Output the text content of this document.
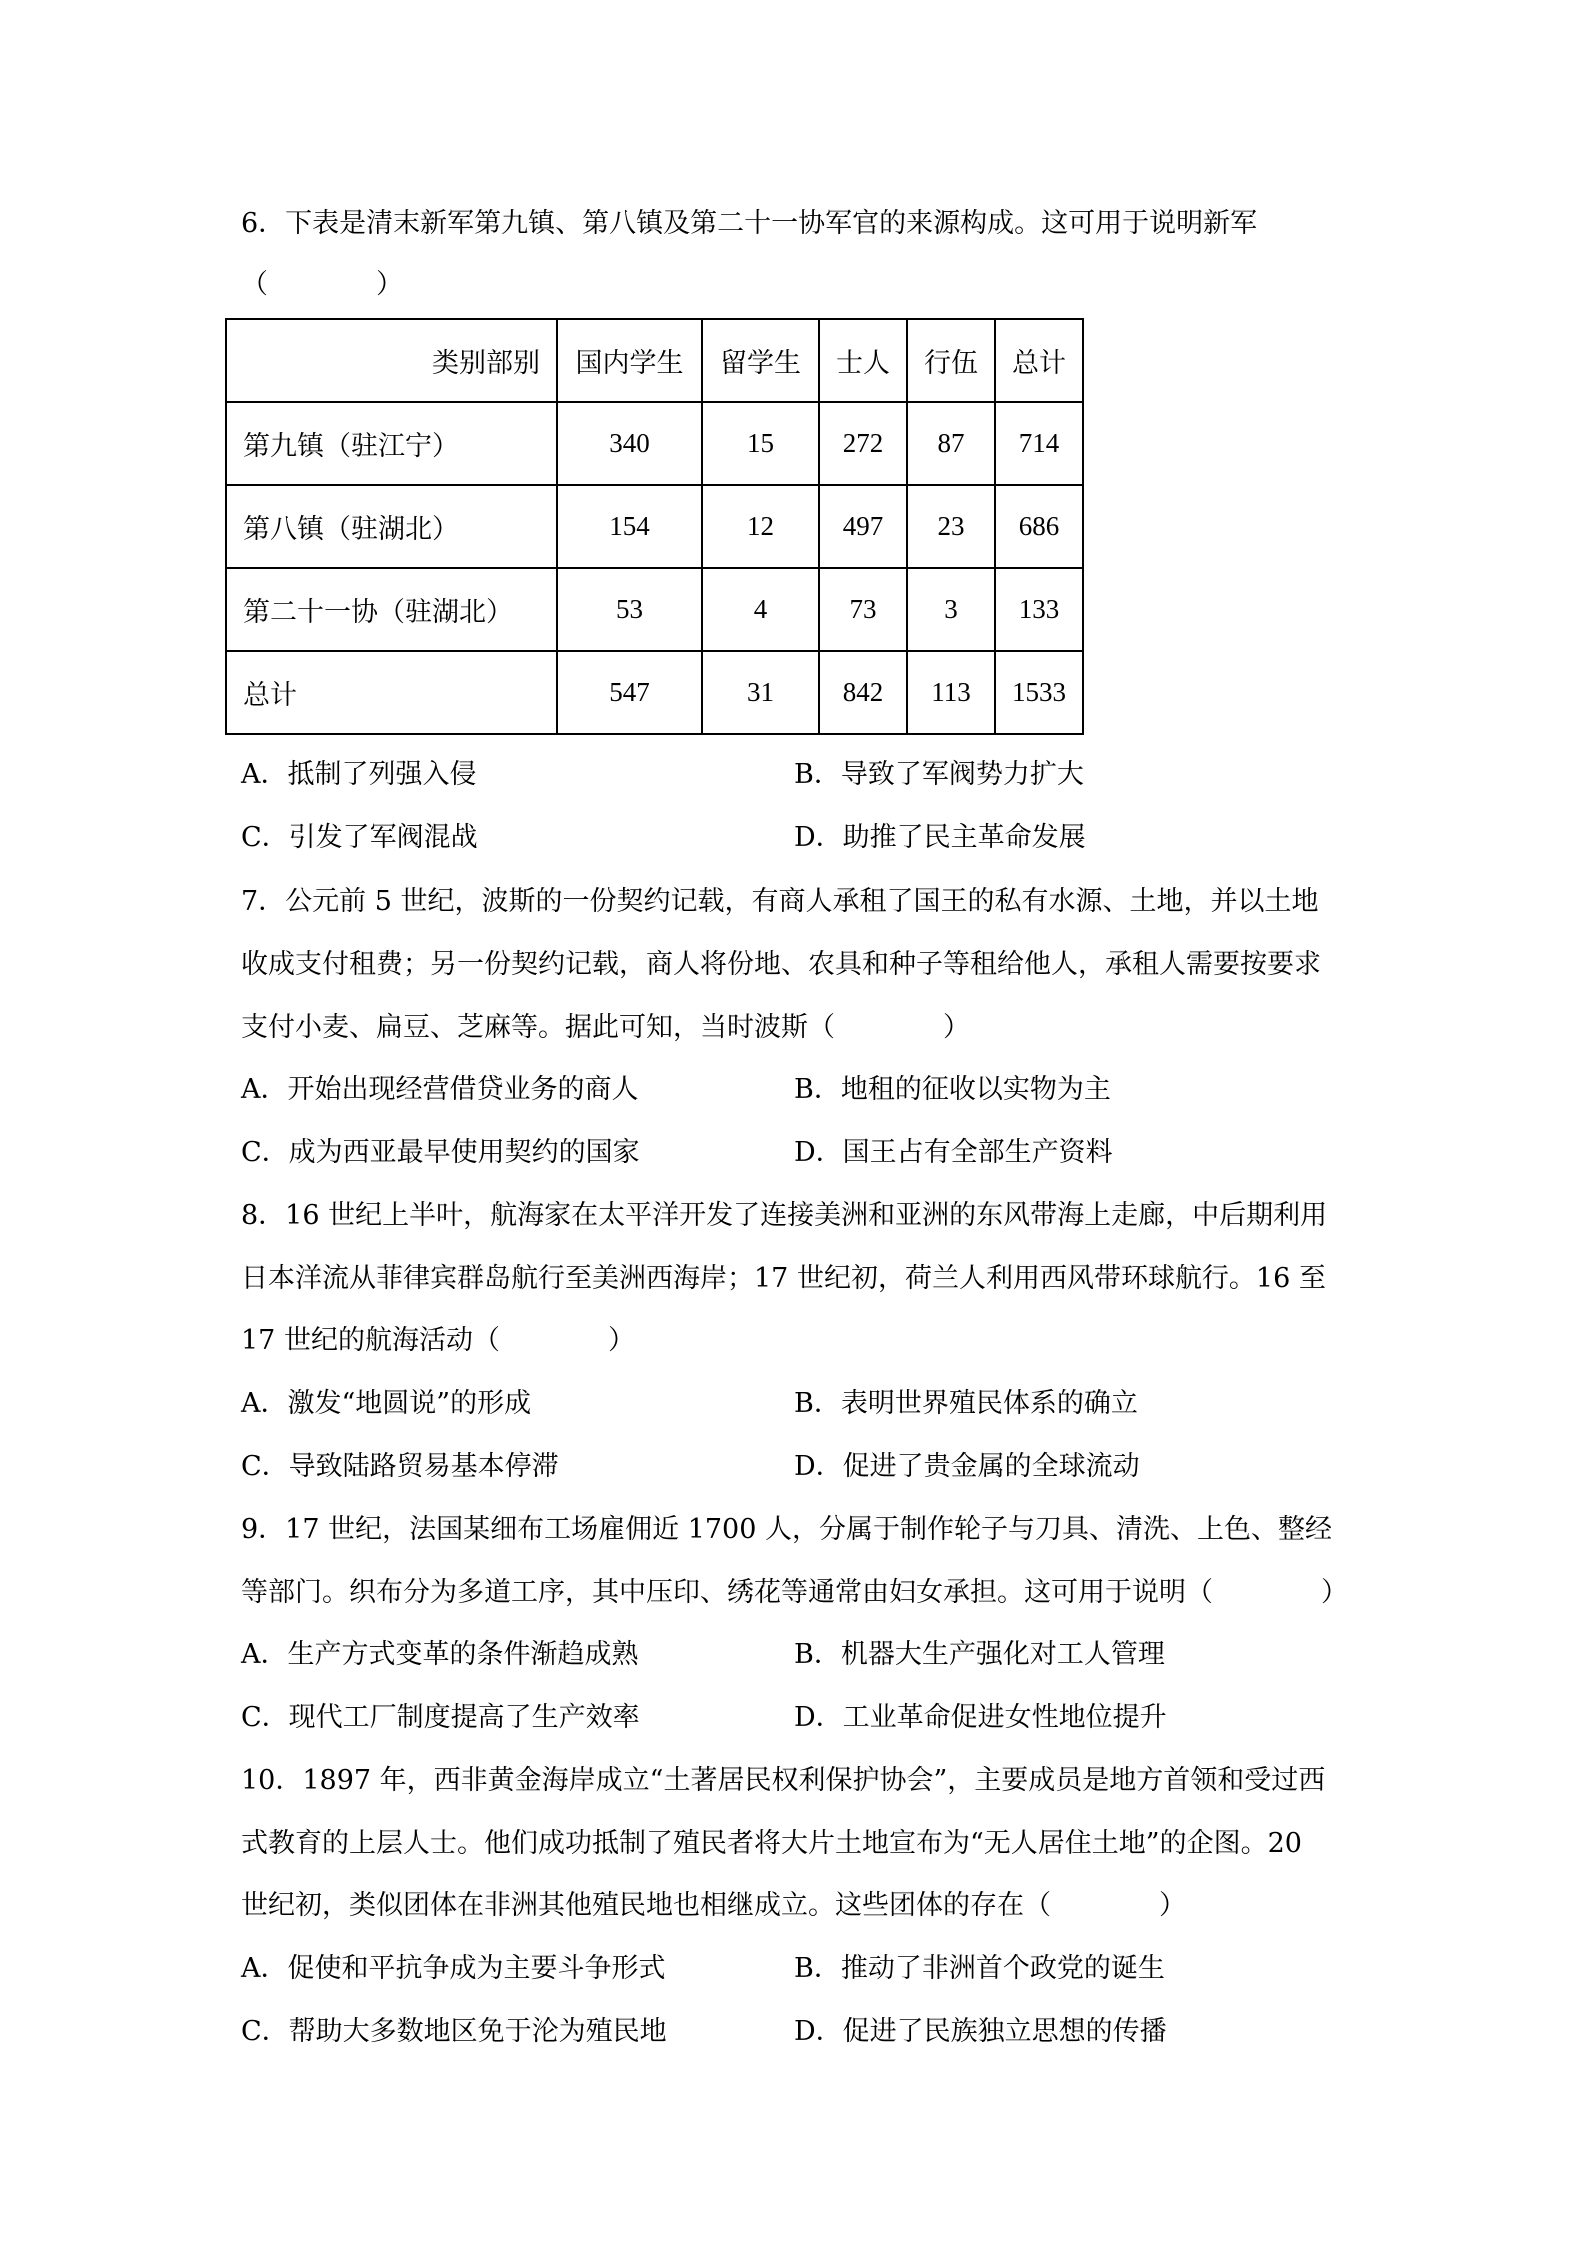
6．下表是清末新军第九镇、第八镇及第二十一协军官的来源构成。这可用于说明新军
（　　　　）
类别部别	国内学生	留学生	士人	行伍	总计
第九镇（驻江宁）	340	15	272	87	714
第八镇（驻湖北）	154	12	497	23	686
第二十一协（驻湖北）	53	4	73	3	133
总计	547	31	842	113	1533
A．抵制了列强入侵	B．导致了军阀势力扩大
C．引发了军阀混战	D．助推了民主革命发展
7．公元前 5 世纪，波斯的一份契约记载，有商人承租了国王的私有水源、土地，并以土地
收成支付租费；另一份契约记载，商人将份地、农具和种子等租给他人，承租人需要按要求
支付小麦、扁豆、芝麻等。据此可知，当时波斯（　　　　）
A．开始出现经营借贷业务的商人	B．地租的征收以实物为主
C．成为西亚最早使用契约的国家	D．国王占有全部生产资料
8．16 世纪上半叶，航海家在太平洋开发了连接美洲和亚洲的东风带海上走廊，中后期利用
日本洋流从菲律宾群岛航行至美洲西海岸；17 世纪初，荷兰人利用西风带环球航行。16 至
17 世纪的航海活动（　　　　）
A．激发“地圆说”的形成	B．表明世界殖民体系的确立
C．导致陆路贸易基本停滞	D．促进了贵金属的全球流动
9．17 世纪，法国某细布工场雇佣近 1700 人，分属于制作轮子与刀具、清洗、上色、整经
等部门。织布分为多道工序，其中压印、绣花等通常由妇女承担。这可用于说明（　　　　）
A．生产方式变革的条件渐趋成熟	B．机器大生产强化对工人管理
C．现代工厂制度提高了生产效率	D．工业革命促进女性地位提升
10．1897 年，西非黄金海岸成立“土著居民权利保护协会”，主要成员是地方首领和受过西
式教育的上层人士。他们成功抵制了殖民者将大片土地宣布为“无人居住土地”的企图。20
世纪初，类似团体在非洲其他殖民地也相继成立。这些团体的存在（　　　　）
A．促使和平抗争成为主要斗争形式	B．推动了非洲首个政党的诞生
C．帮助大多数地区免于沦为殖民地	D．促进了民族独立思想的传播
